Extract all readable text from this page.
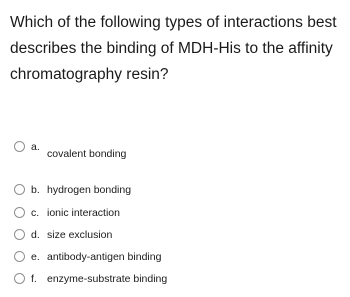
Which of the following types of interactions best
describes the binding of MDH-His to the affinity
chromatography resin?
a.
covalent bonding
b. hydrogen bonding
c. ionic interaction
d. size exclusion
e. antibody-antigen binding
f. enzyme-substrate binding
